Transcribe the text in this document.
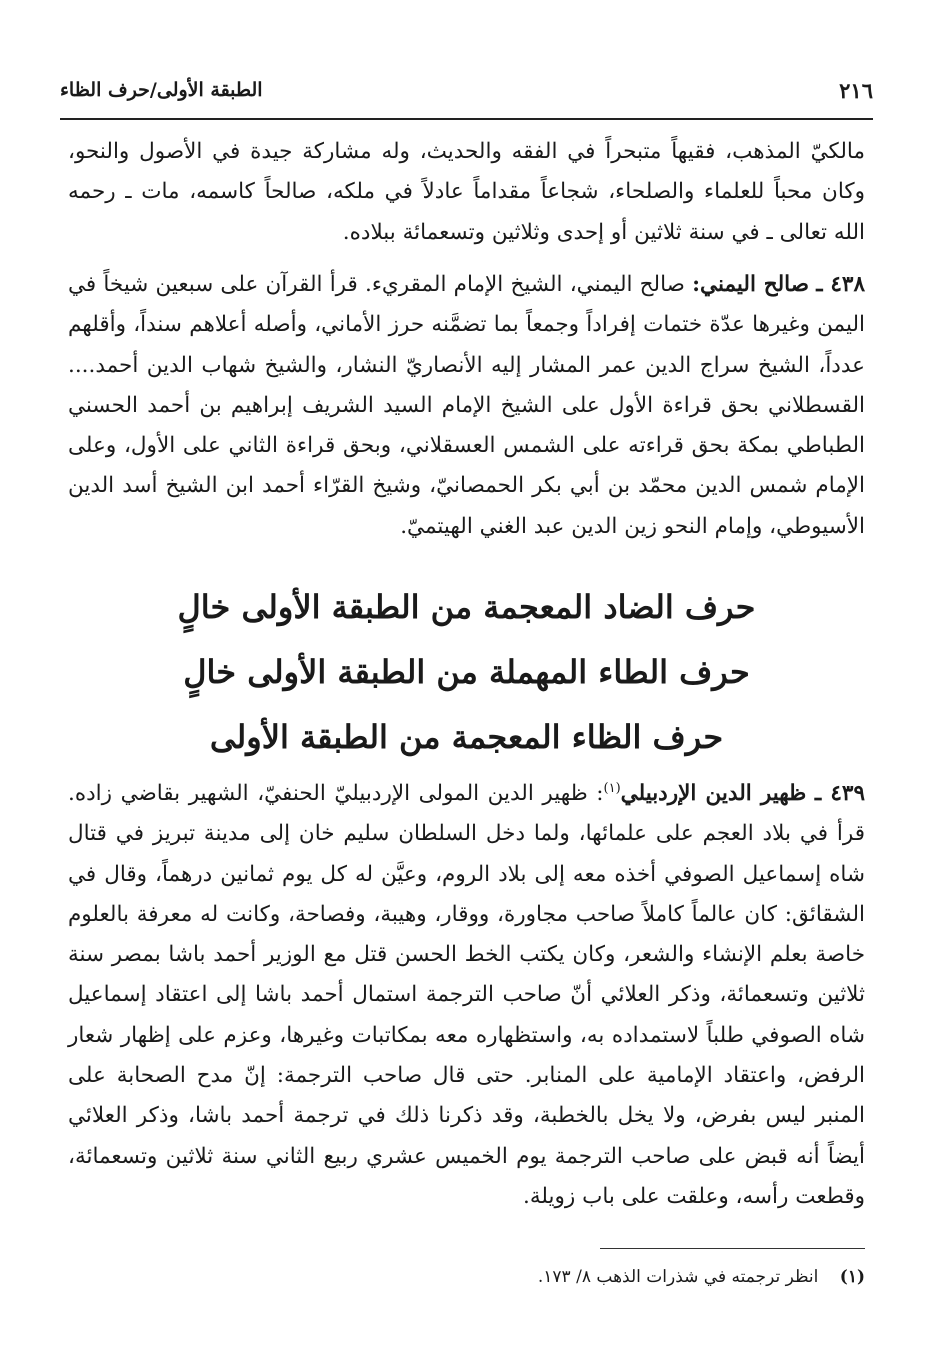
الطبقة الأولى/حرف الظاء	٢١٦

مالكيّ المذهب، فقيهاً متبحراً في الفقه والحديث، وله مشاركة جيدة في الأصول والنحو، وكان محباً للعلماء والصلحاء، شجاعاً مقداماً عادلاً في ملكه، صالحاً كاسمه، مات ـ رحمه الله تعالى ـ في سنة ثلاثين أو إحدى وثلاثين وتسعمائة ببلاده.

٤٣٨ ـ صالح اليمني: صالح اليمني، الشيخ الإمام المقريء. قرأ القرآن على سبعين شيخاً في اليمن وغيرها عدّة ختمات إفراداً وجمعاً بما تضمَّنه حرز الأماني، وأصله أعلاهم سنداً، وأقلهم عدداً، الشيخ سراج الدين عمر المشار إليه الأنصاريّ النشار، والشيخ شهاب الدين أحمد.... القسطلاني بحق قراءة الأول على الشيخ الإمام السيد الشريف إبراهيم بن أحمد الحسني الطباطي بمكة بحق قراءته على الشمس العسقلاني، وبحق قراءة الثاني على الأول، وعلى الإمام شمس الدين محمّد بن أبي بكر الحمصانيّ، وشيخ القرّاء أحمد ابن الشيخ أسد الدين الأسيوطي، وإمام النحو زين الدين عبد الغني الهيتميّ.

حرف الضاد المعجمة من الطبقة الأولى خالٍ
حرف الطاء المهملة من الطبقة الأولى خالٍ
حرف الظاء المعجمة من الطبقة الأولى

٤٣٩ ـ ظهير الدين الإردبيلي$^{(١)}$: ظهير الدين المولى الإردبيليّ الحنفيّ، الشهير بقاضي زاده. قرأ في بلاد العجم على علمائها، ولما دخل السلطان سليم خان إلى مدينة تبريز في قتال شاه إسماعيل الصوفي أخذه معه إلى بلاد الروم، وعيَّن له كل يوم ثمانين درهماً، وقال في الشقائق: كان عالماً كاملاً صاحب مجاورة، ووقار، وهيبة، وفصاحة، وكانت له معرفة بالعلوم خاصة بعلم الإنشاء والشعر، وكان يكتب الخط الحسن قتل مع الوزير أحمد باشا بمصر سنة ثلاثين وتسعمائة، وذكر العلائي أنّ صاحب الترجمة استمال أحمد باشا إلى اعتقاد إسماعيل شاه الصوفي طلباً لاستمداده به، واستظهاره معه بمكاتبات وغيرها، وعزم على إظهار شعار الرفض، واعتقاد الإمامية على المنابر. حتى قال صاحب الترجمة: إنّ مدح الصحابة على المنبر ليس بفرض، ولا يخل بالخطبة، وقد ذكرنا ذلك في ترجمة أحمد باشا، وذكر العلائي أيضاً أنه قبض على صاحب الترجمة يوم الخميس عشري ربيع الثاني سنة ثلاثين وتسعمائة، وقطعت رأسه، وعلقت على باب زويلة.

(١) انظر ترجمته في شذرات الذهب ٨/ ١٧٣.
